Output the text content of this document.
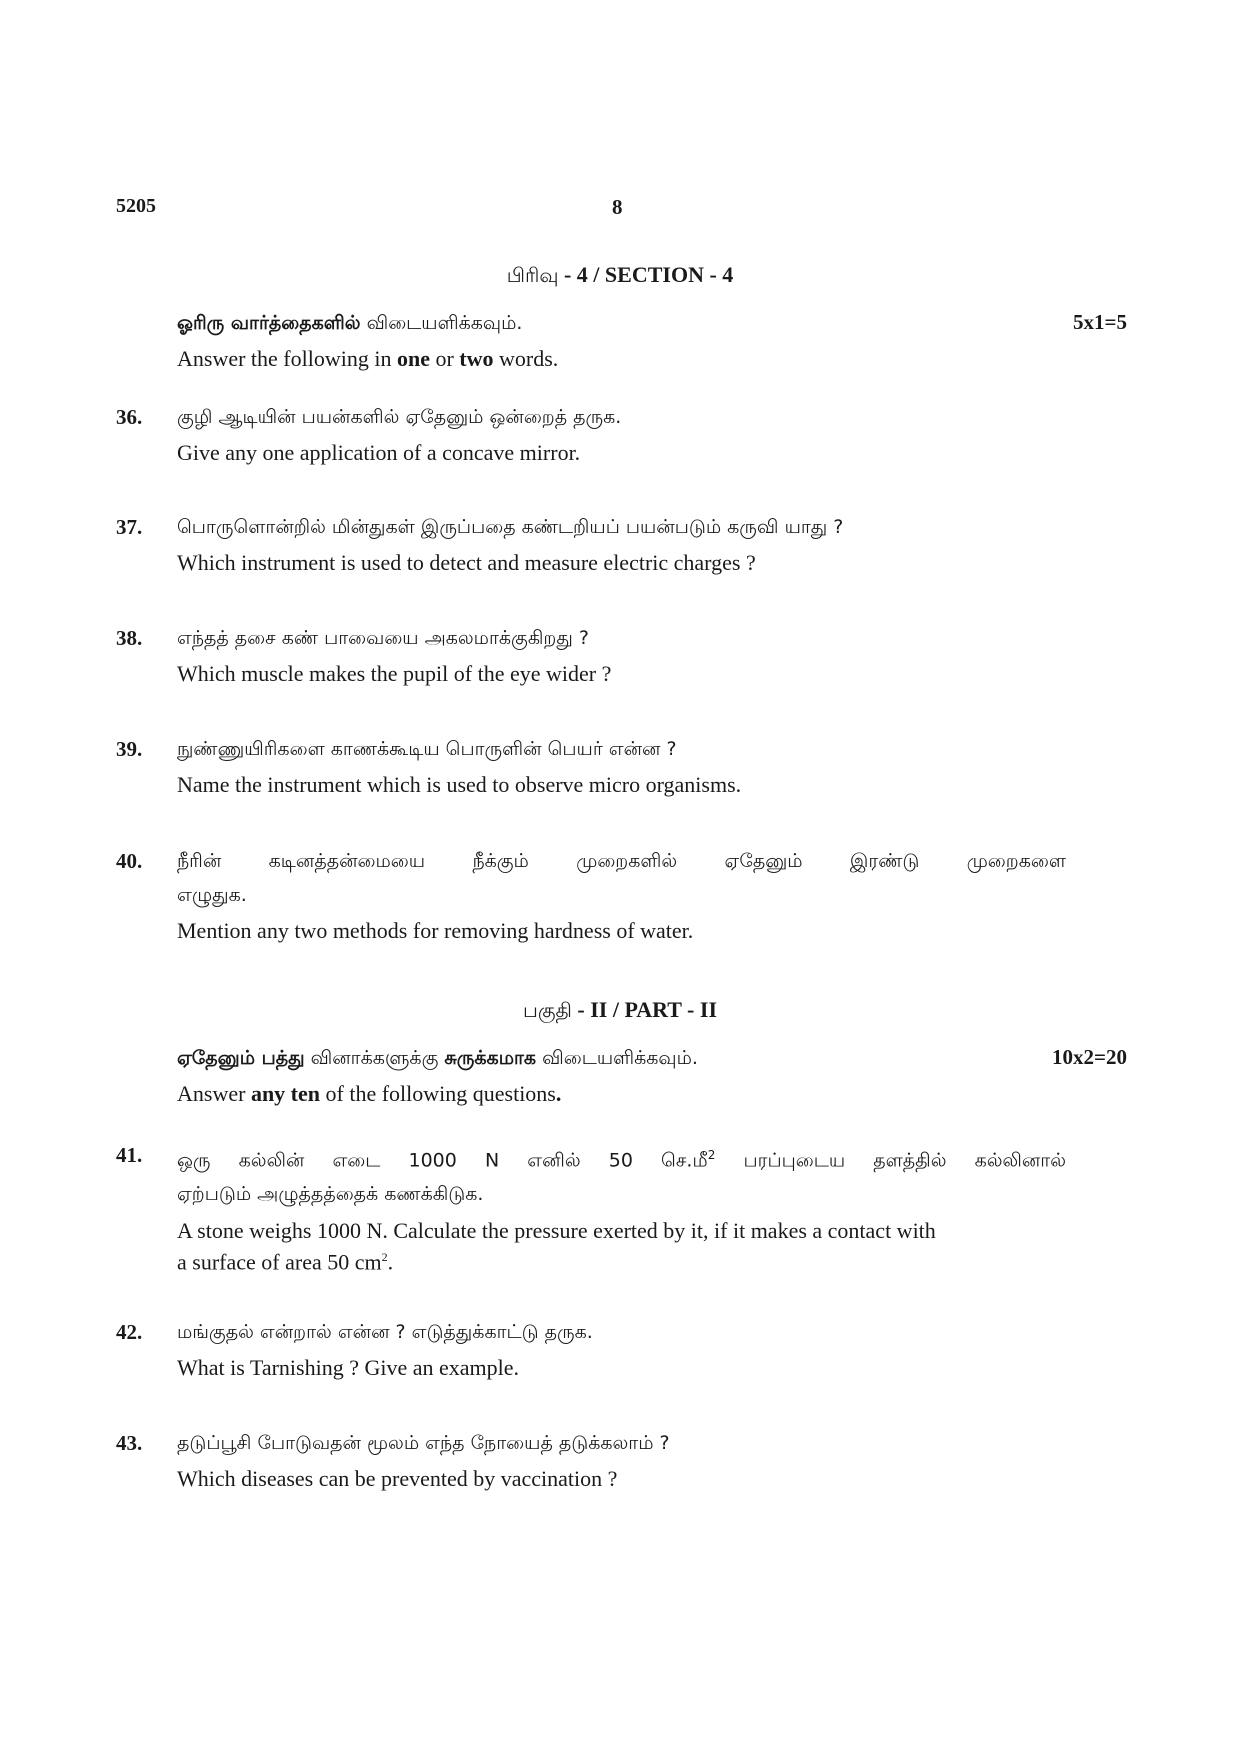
5205	8
பிரிவு - 4 / SECTION - 4
ஓரிரு வார்த்தைகளில் விடையளிக்கவும்.
Answer the following in one or two words.
5x1=5
36. குழி ஆடியின் பயன்களில் ஏதேனும் ஒன்றைத் தருக.
Give any one application of a concave mirror.
37. பொருளொன்றில் மின்துகள் இருப்பதை கண்டறியப் பயன்படும் கருவி யாது ?
Which instrument is used to detect and measure electric charges ?
38. எந்தத் தசை கண் பாவையை அகலமாக்குகிறது ?
Which muscle makes the pupil of the eye wider ?
39. நுண்ணுயிரிகளை காணக்கூடிய பொருளின் பெயர் என்ன ?
Name the instrument which is used to observe micro organisms.
40. நீரின் கடினத்தன்மையை நீக்கும் முறைகளில் ஏதேனும் இரண்டு முறைகளை
எழுதுக.
Mention any two methods for removing hardness of water.
பகுதி - II / PART - II
ஏதேனும் பத்து வினாக்களுக்கு சுருக்கமாக விடையளிக்கவும்.
Answer any ten of the following questions.
10x2=20
41. ஒரு கல்லின் எடை 1000 N எனில் 50 செ.மீ$^2$ பரப்புடைய தளத்தில் கல்லினால்
ஏற்படும் அழுத்தத்தைக் கணக்கிடுக.
A stone weighs 1000 N. Calculate the pressure exerted by it, if it makes a contact with
a surface of area 50 $cm^2$.
42. மங்குதல் என்றால் என்ன ? எடுத்துக்காட்டு தருக.
What is Tarnishing ? Give an example.
43. தடுப்பூசி போடுவதன் மூலம் எந்த நோயைத் தடுக்கலாம் ?
Which diseases can be prevented by vaccination ?
